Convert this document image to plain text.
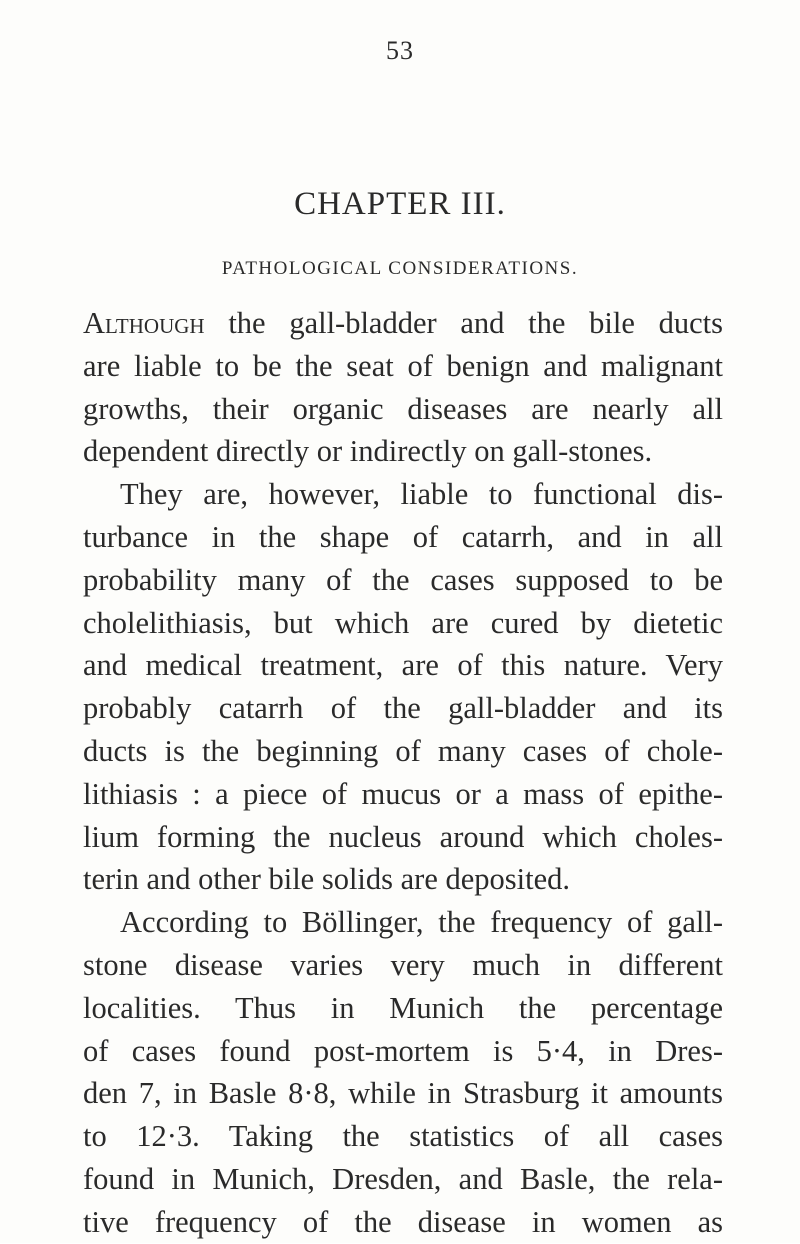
53
CHAPTER III.
PATHOLOGICAL CONSIDERATIONS.
Although the gall-bladder and the bile ducts
are liable to be the seat of benign and malignant
growths, their organic diseases are nearly all
dependent directly or indirectly on gall-stones.
They are, however, liable to functional dis-
turbance in the shape of catarrh, and in all
probability many of the cases supposed to be
cholelithiasis, but which are cured by dietetic
and medical treatment, are of this nature. Very
probably catarrh of the gall-bladder and its
ducts is the beginning of many cases of chole-
lithiasis : a piece of mucus or a mass of epithe-
lium forming the nucleus around which choles-
terin and other bile solids are deposited.
According to Böllinger, the frequency of gall-
stone disease varies very much in different
localities. Thus in Munich the percentage
of cases found post-mortem is 5·4, in Dres-
den 7, in Basle 8·8, while in Strasburg it amounts
to 12·3. Taking the statistics of all cases
found in Munich, Dresden, and Basle, the rela-
tive frequency of the disease in women as
